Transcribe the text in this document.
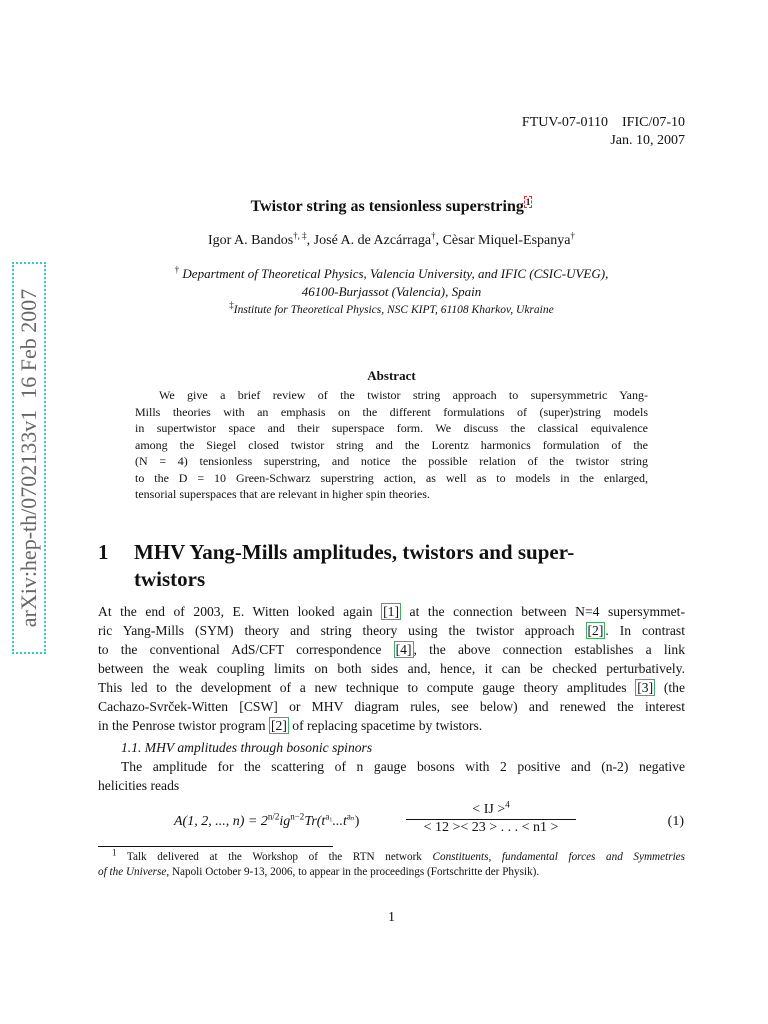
arXiv:hep-th/0702133v1  16 Feb 2007
FTUV-07-0110    IFIC/07-10
Jan. 10, 2007
Twistor string as tensionless superstring $^1$
Igor A. Bandos†, ‡, José A. de Azcárraga†, Cèsar Miquel-Espanya†
† Department of Theoretical Physics, Valencia University, and IFIC (CSIC-UVEG),
46100-Burjassot (Valencia), Spain
‡Institute for Theoretical Physics, NSC KIPT, 61108 Kharkov, Ukraine
Abstract
We give a brief review of the twistor string approach to supersymmetric Yang-
Mills theories with an emphasis on the different formulations of (super)string models
in supertwistor space and their superspace form. We discuss the classical equivalence
among the Siegel closed twistor string and the Lorentz harmonics formulation of the
(N = 4) tensionless superstring, and notice the possible relation of the twistor string
to the D = 10 Green-Schwarz superstring action, as well as to models in the enlarged,
tensorial superspaces that are relevant in higher spin theories.
1 MHV Yang-Mills amplitudes, twistors and super-
twistors
At the end of 2003, E. Witten looked again [1] at the connection between N=4 supersymmet-
ric Yang-Mills (SYM) theory and string theory using the twistor approach [2] . In contrast
to the conventional AdS/CFT correspondence [4] , the above connection establishes a link
between the weak coupling limits on both sides and, hence, it can be checked perturbatively.
This led to the development of a new technique to compute gauge theory amplitudes [3] (the
Cachazo-Svrček-Witten [CSW] or MHV diagram rules, see below) and renewed the interest
in the Penrose twistor program [2] of replacing spacetime by twistors.
1.1. MHV amplitudes through bosonic spinors
The amplitude for the scattering of n gauge bosons with 2 positive and (n-2) negative
helicities reads
A(1, 2, ..., $n) = 2^{n/2}ig^{n-2}Tr(t^{a_1}...t^{a_n})$	$\frac{< IJ >^4}{< 12 >< 23 > . . . < n1 >}$	(1)
$^1$ Talk delivered at the Workshop of the RTN network Constituents, fundamental forces and Symmetries
of the Universe, Napoli October 9-13, 2006, to appear in the proceedings (Fortschritte der Physik).
1
